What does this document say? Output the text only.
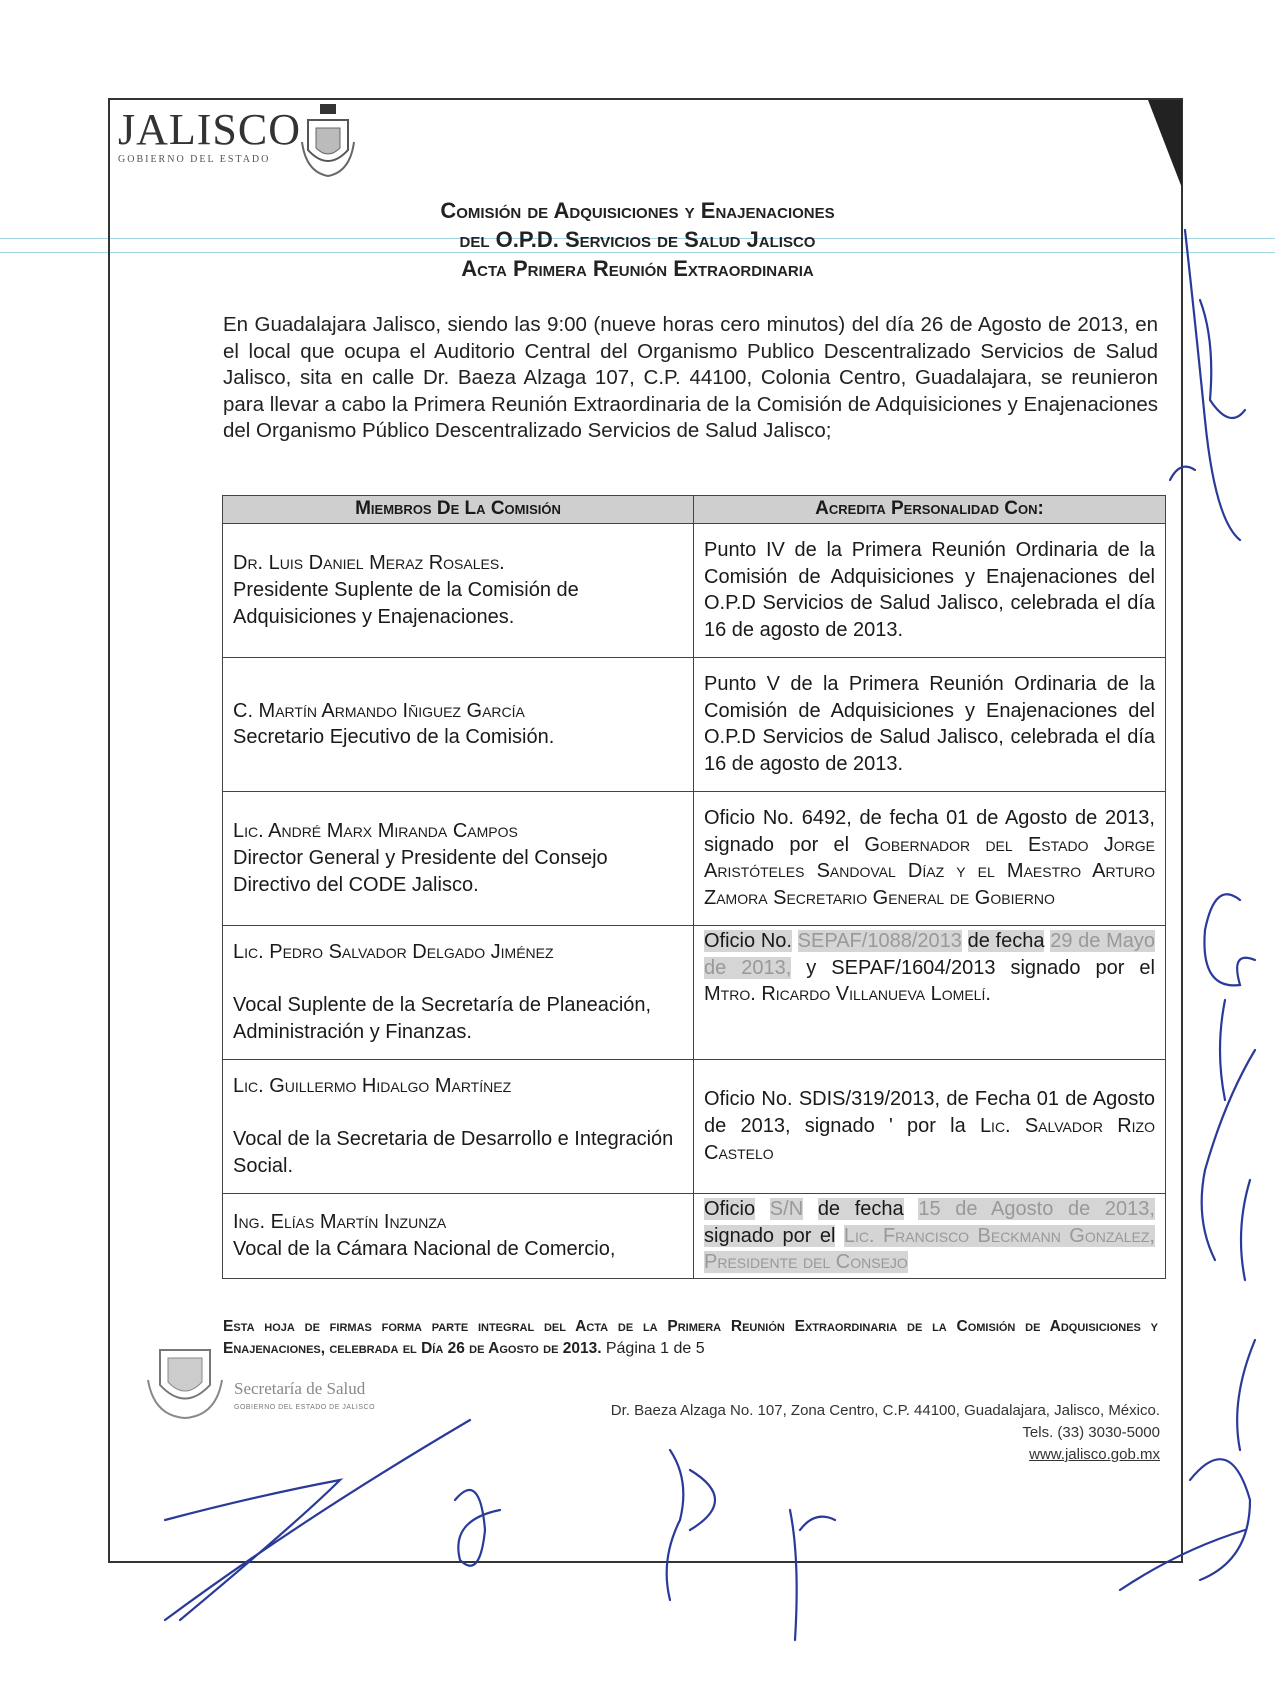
JALISCO
GOBIERNO DEL ESTADO
Comisión de Adquisiciones y Enajenaciones
del O.P.D. Servicios de Salud Jalisco
Acta Primera Reunión Extraordinaria
En Guadalajara Jalisco, siendo las 9:00 (nueve horas cero minutos) del día 26 de Agosto de 2013, en el local que ocupa el Auditorio Central del Organismo Publico Descentralizado Servicios de Salud Jalisco, sita en calle Dr. Baeza Alzaga 107, C.P. 44100, Colonia Centro, Guadalajara, se reunieron para llevar a cabo la Primera Reunión Extraordinaria de la Comisión de Adquisiciones y Enajenaciones del Organismo Público Descentralizado Servicios de Salud Jalisco;
Miembros De La Comisión	Acredita Personalidad Con:

Dr. Luis Daniel Meraz Rosales.
Presidente Suplente de la Comisión de Adquisiciones y Enajenaciones.	Punto IV de la Primera Reunión Ordinaria de la Comisión de Adquisiciones y Enajenaciones del O.P.D Servicios de Salud Jalisco, celebrada el día 16 de agosto de 2013.

C. Martín Armando Iñiguez García
Secretario Ejecutivo de la Comisión.	Punto V de la Primera Reunión Ordinaria de la Comisión de Adquisiciones y Enajenaciones del O.P.D Servicios de Salud Jalisco, celebrada el día 16 de agosto de 2013.

Lic. André Marx Miranda Campos
Director General y Presidente del Consejo Directivo del CODE Jalisco.	Oficio No. 6492, de fecha 01 de Agosto de 2013, signado por el Gobernador del Estado Jorge Aristóteles Sandoval Díaz y el Maestro Arturo Zamora Secretario General de Gobierno

Lic. Pedro Salvador Delgado Jiménez
Vocal Suplente de la Secretaría de Planeación, Administración y Finanzas.	Oficio No. SEPAF/1088/2013 de fecha 29 de Mayo de 2013, y SEPAF/1604/2013 signado por el Mtro. Ricardo Villanueva Lomelí.

Lic. Guillermo Hidalgo Martínez
Vocal de la Secretaria de Desarrollo e Integración Social.	Oficio No. SDIS/319/2013, de Fecha 01 de Agosto de 2013, signado ' por la Lic. Salvador Rizo Castelo

Ing. Elías Martín Inzunza
Vocal de la Cámara Nacional de Comercio,	Oficio S/N de fecha 15 de Agosto de 2013, signado por el Lic. Francisco Beckmann Gonzalez, Presidente del Consejo
Esta hoja de firmas forma parte integral del Acta de la Primera Reunión Extraordinaria de la Comisión de Adquisiciones y Enajenaciones, celebrada el Día 26 de Agosto de 2013. Página 1 de 5
Secretaría de Salud
GOBIERNO DEL ESTADO DE JALISCO	Dr. Baeza Alzaga No. 107, Zona Centro, C.P. 44100, Guadalajara, Jalisco, México.
Tels. (33) 3030-5000
www.jalisco.gob.mx
